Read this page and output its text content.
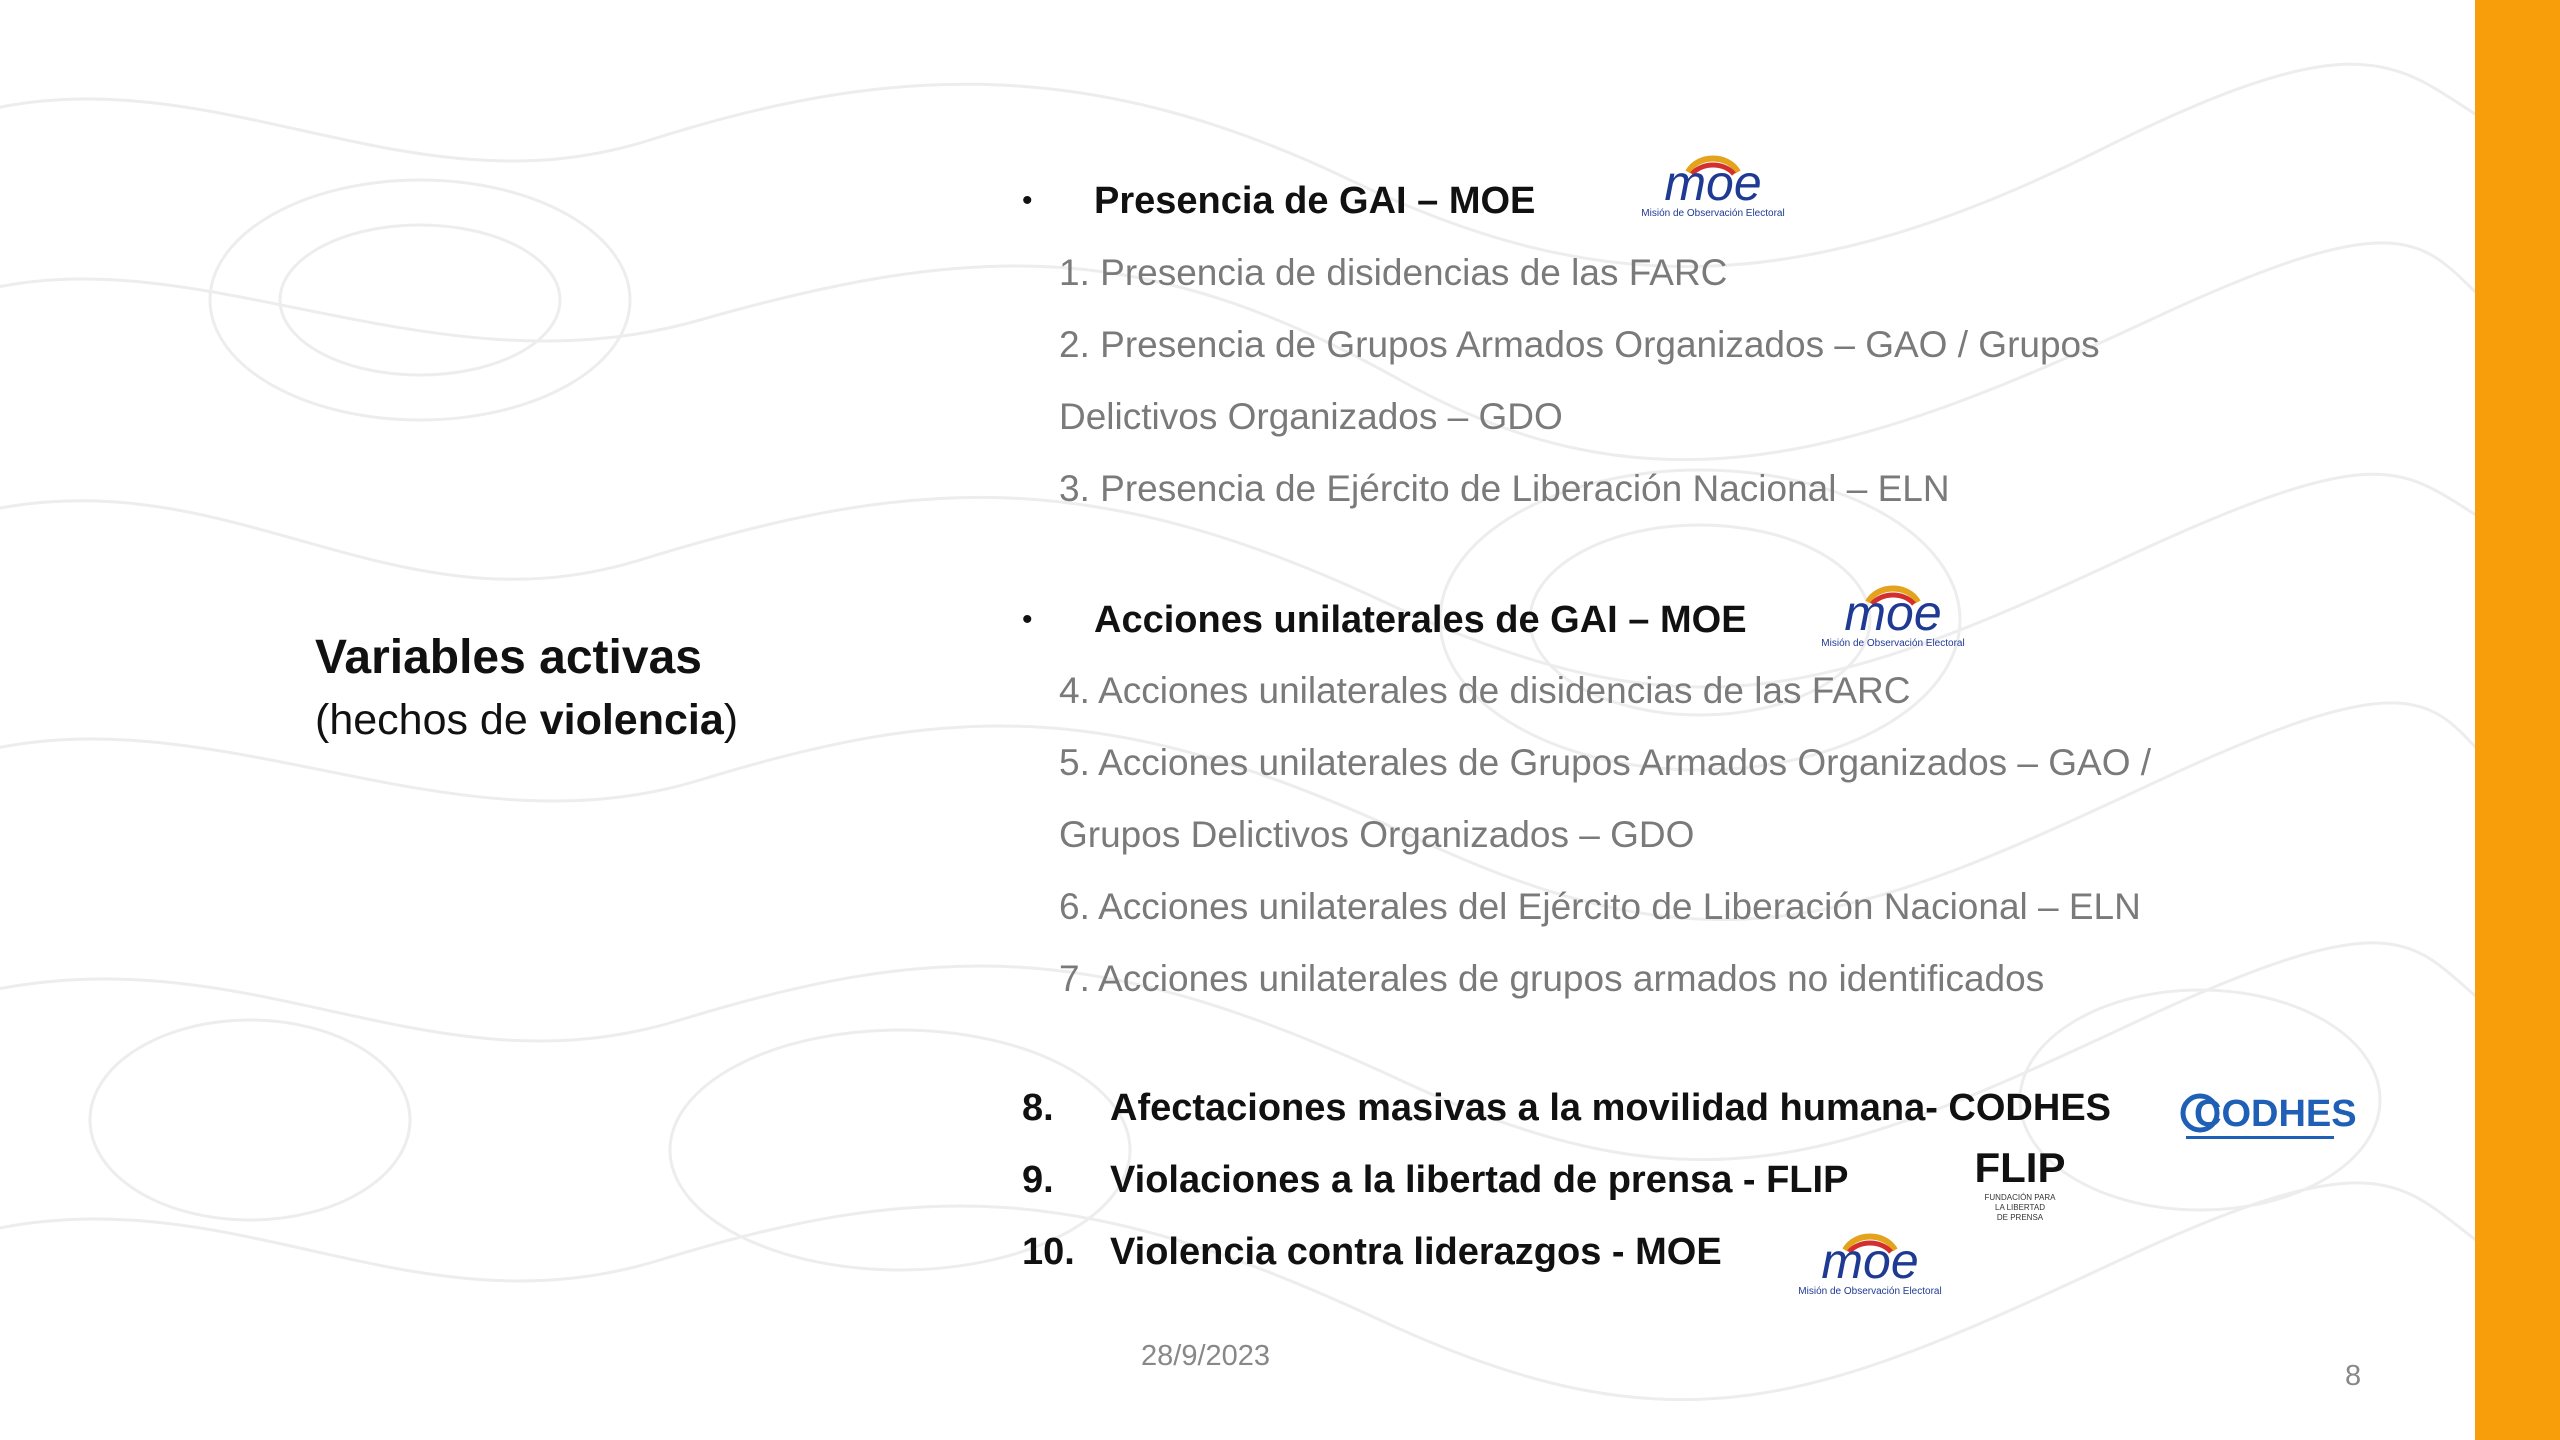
Variables activas
(hechos de violencia)
• Presencia de GAI – MOE
1. Presencia de disidencias de las FARC
2. Presencia de Grupos Armados Organizados – GAO / Grupos
Delictivos Organizados – GDO
3. Presencia de Ejército de Liberación Nacional – ELN
moe
Misión de Observación Electoral
• Acciones unilaterales de GAI – MOE
4. Acciones unilaterales de disidencias de las FARC
5. Acciones unilaterales de Grupos Armados Organizados – GAO /
Grupos Delictivos Organizados – GDO
6. Acciones unilaterales del Ejército de Liberación Nacional – ELN
7. Acciones unilaterales de grupos armados no identificados
moe
Misión de Observación Electoral
8. Afectaciones masivas a la movilidad humana- CODHES
9. Violaciones a la libertad de prensa - FLIP
10. Violencia contra liderazgos - MOE
CODHES
FLIP
FUNDACIÓN PARA
LA LIBERTAD
DE PRENSA
moe
Misión de Observación Electoral
28/9/2023
8
